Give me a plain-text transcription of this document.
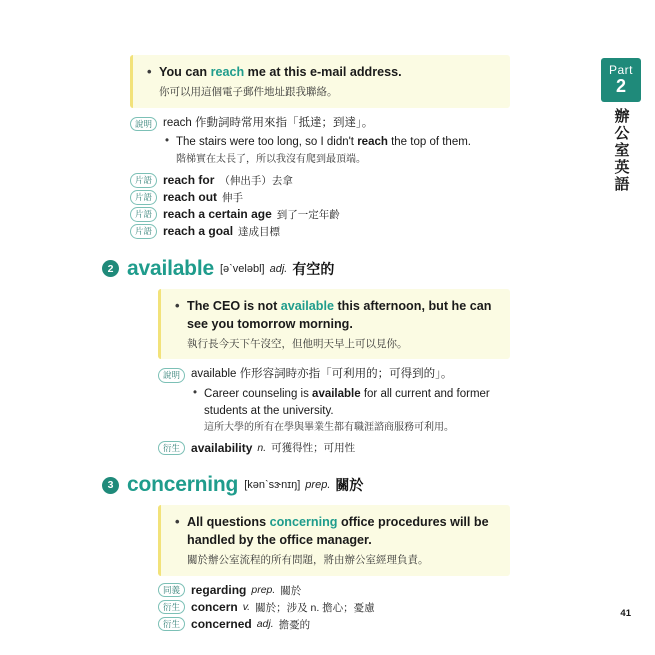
Part
2
辦公室英語
• You can reach me at this e-mail address.
你可以用這個電子郵件地址跟我聯絡。
說明 reach 作動詞時常用來指「抵達；到達」。
• The stairs were too long, so I didn't reach the top of them.
階梯實在太長了，所以我沒有爬到最頂端。
片語 reach for （伸出手）去拿
片語 reach out 伸手
片語 reach a certain age 到了一定年齡
片語 reach a goal 達成目標
2 available [əˋveləbl] adj. 有空的
• The CEO is not available this afternoon, but he can
see you tomorrow morning.
執行長今天下午沒空，但他明天早上可以見你。
說明 available 作形容詞時亦指「可利用的；可得到的」。
• Career counseling is available for all current and former
students at the university.
這所大學的所有在學與畢業生都有職涯諮商服務可利用。
衍生 availability n. 可獲得性；可用性
3 concerning [kənˋsɝnɪŋ] prep. 關於
• All questions concerning office procedures will be
handled by the office manager.
關於辦公室流程的所有問題，將由辦公室經理負責。
同義 regarding prep. 關於
衍生 concern v. 關於；涉及 n. 擔心；憂慮
衍生 concerned adj. 擔憂的
41
